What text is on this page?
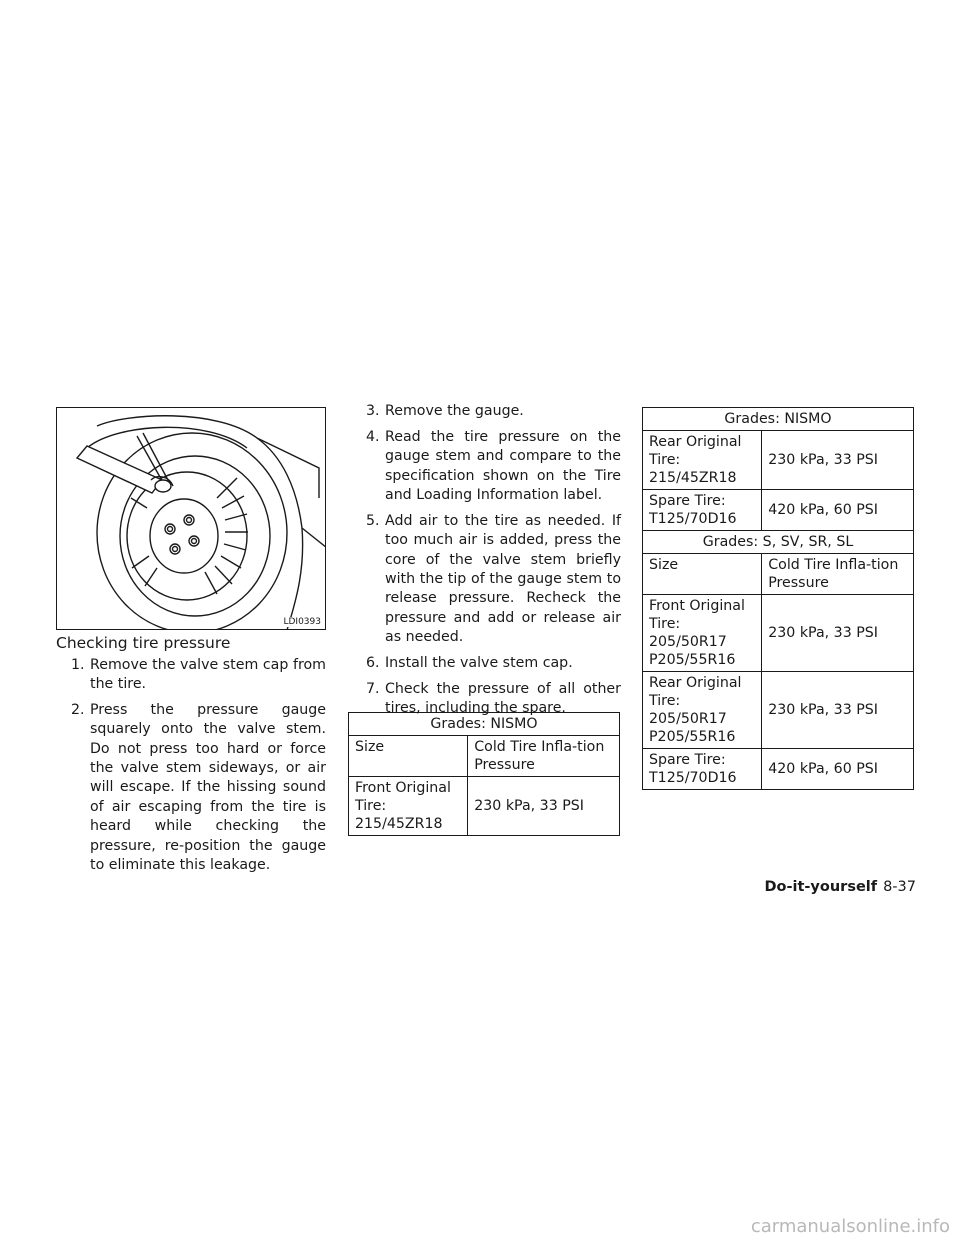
LDI0393
Checking tire pressure
1. Remove the valve stem cap from the tire.
2. Press the pressure gauge squarely onto the valve stem. Do not press too hard or force the valve stem sideways, or air will escape. If the hissing sound of air escaping from the tire is heard while checking the pressure, re-position the gauge to eliminate this leakage.
3. Remove the gauge.
4. Read the tire pressure on the gauge stem and compare to the specification shown on the Tire and Loading Information label.
5. Add air to the tire as needed. If too much air is added, press the core of the valve stem briefly with the tip of the gauge stem to release pressure. Recheck the pressure and add or release air as needed.
6. Install the valve stem cap.
7. Check the pressure of all other tires, including the spare.
Grades: NISMO	
Size	Cold Tire Infla-tion Pressure
Front Original Tire: 215/45ZR18	230 kPa, 33 PSI
Grades: NISMO	
Rear Original Tire: 215/45ZR18	230 kPa, 33 PSI
Spare Tire: T125/70D16	420 kPa, 60 PSI
Grades: S, SV, SR, SL	
Size	Cold Tire Infla-tion Pressure
Front Original Tire: 205/50R17 P205/55R16	230 kPa, 33 PSI
Rear Original Tire: 205/50R17 P205/55R16	230 kPa, 33 PSI
Spare Tire: T125/70D16	420 kPa, 60 PSI
Do-it-yourself 8-37
carmanualsonline.info
